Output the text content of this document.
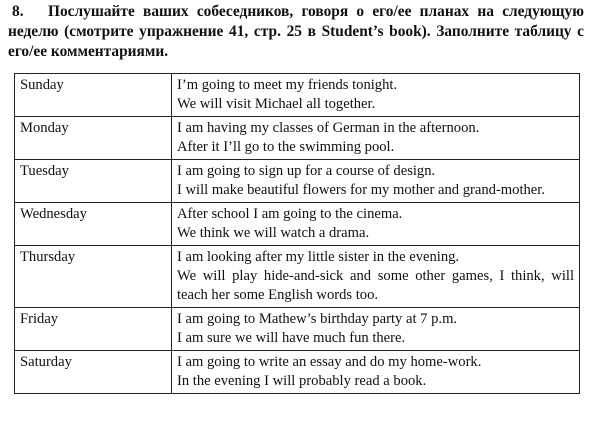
8. Послушайте ваших собеседников, говоря о его/ее планах на следующую неделю (смотрите упражнение 41, стр. 25 в Student’s book). Заполните таблицу с его/ее комментариями.
Sunday	I’m going to meet my friends tonight.
We will visit Michael all together.

Monday	I am having my classes of German in the afternoon.
After it I’ll go to the swimming pool.

Tuesday	I am going to sign up for a course of design.
I will make beautiful flowers for my mother and grand-mother.

Wednesday	After school I am going to the cinema.
We think we will watch a drama.

Thursday	I am looking after my little sister in the evening.
We will play hide-and-sick and some other games, I think, will teach her some English words too.

Friday	I am going to Mathew’s birthday party at 7 p.m.
I am sure we will have much fun there.

Saturday	I am going to write an essay and do my home-work.
In the evening I will probably read a book.
